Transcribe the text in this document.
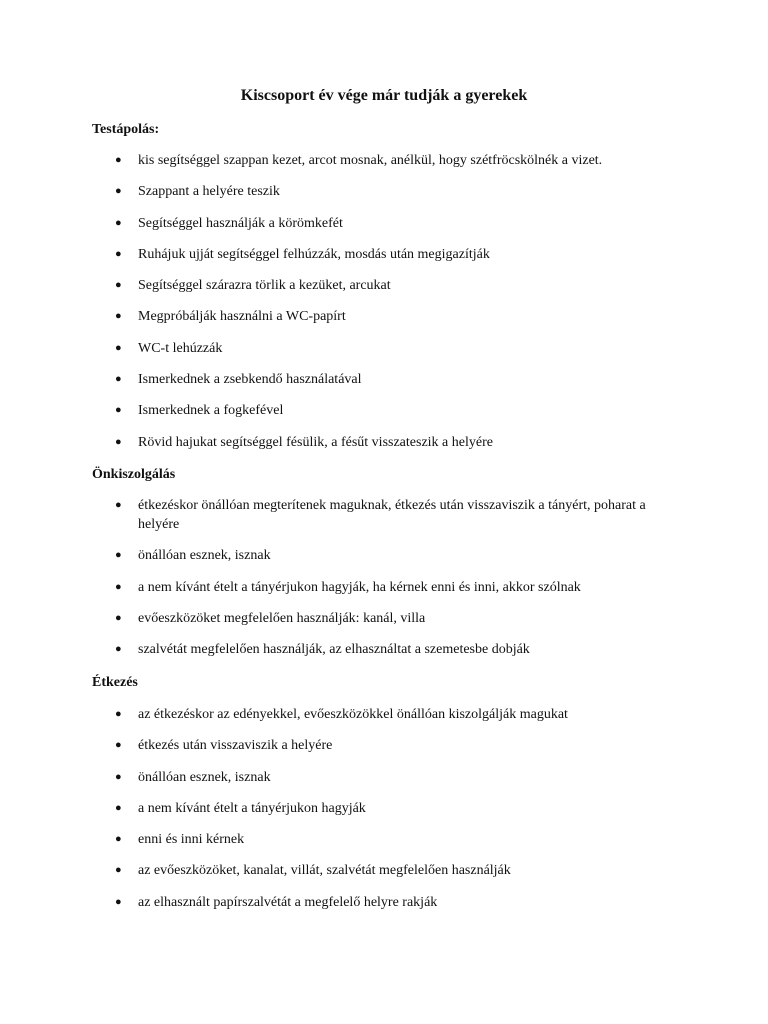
Kiscsoport év vége már tudják a gyerekek
Testápolás:
● kis segítséggel szappan kezet, arcot mosnak, anélkül, hogy szétfröcskölnék a vizet.
● Szappant a helyére teszik
● Segítséggel használják a körömkefét
● Ruhájuk ujját segítséggel felhúzzák, mosdás után megigazítják
● Segítséggel szárazra törlik a kezüket, arcukat
● Megpróbálják használni a WC-papírt
● WC-t lehúzzák
● Ismerkednek a zsebkendő használatával
● Ismerkednek a fogkefével
● Rövid hajukat segítséggel fésülik, a fésűt visszateszik a helyére
Önkiszolgálás
● étkezéskor önállóan megterítenek maguknak, étkezés után visszaviszik a tányért, poharat a helyére
● önállóan esznek, isznak
● a nem kívánt ételt a tányérjukon hagyják, ha kérnek enni és inni, akkor szólnak
● evőeszközöket megfelelően használják: kanál, villa
● szalvétát megfelelően használják, az elhasználtat a szemetesbe dobják
Étkezés
● az étkezéskor az edényekkel, evőeszközökkel önállóan kiszolgálják magukat
● étkezés után visszaviszik a helyére
● önállóan esznek, isznak
● a nem kívánt ételt a tányérjukon hagyják
● enni és inni kérnek
● az evőeszközöket, kanalat, villát, szalvétát megfelelően használják
● az elhasznált papírszalvétát a megfelelő helyre rakják
